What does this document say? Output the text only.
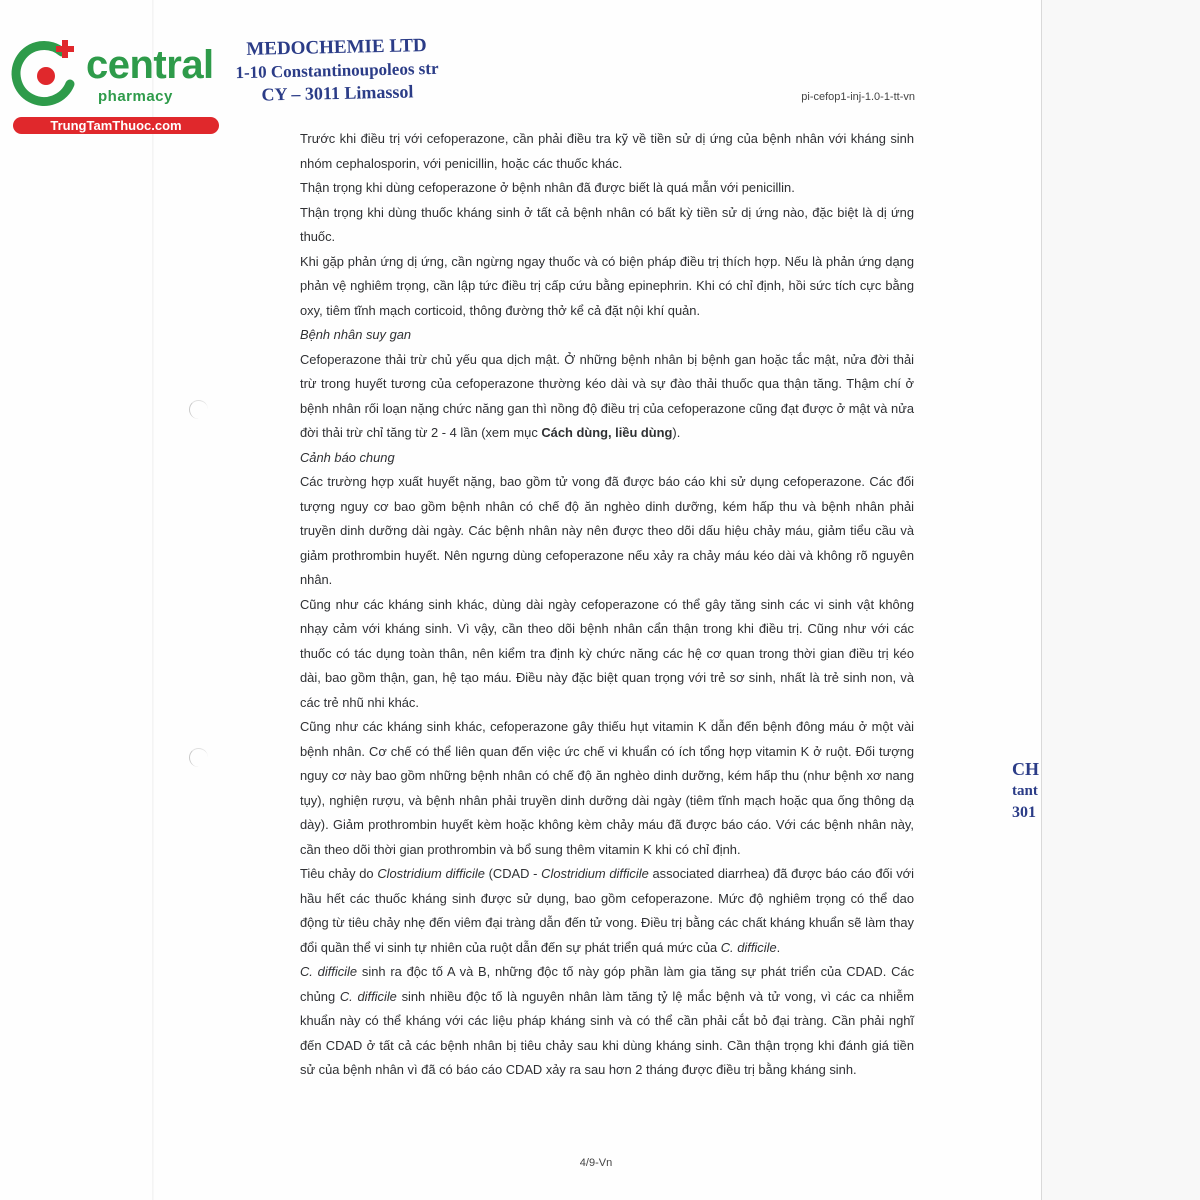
central
pharmacy
TrungTamThuoc.com
MEDOCHEMIE LTD
1-10 Constantinoupoleos str
CY – 3011 Limassol	pi-cefop1-inj-1.0-1-tt-vn
CH
tant
301

Trước khi điều trị với cefoperazone, cần phải điều tra kỹ về tiền sử dị ứng của bệnh nhân với kháng sinh nhóm cephalosporin, với penicillin, hoặc các thuốc khác.

Thận trọng khi dùng cefoperazone ở bệnh nhân đã được biết là quá mẫn với penicillin.

Thận trọng khi dùng thuốc kháng sinh ở tất cả bệnh nhân có bất kỳ tiền sử dị ứng nào, đặc biệt là dị ứng thuốc.

Khi gặp phản ứng dị ứng, cần ngừng ngay thuốc và có biện pháp điều trị thích hợp. Nếu là phản ứng dạng phản vệ nghiêm trọng, cần lập tức điều trị cấp cứu bằng epinephrin. Khi có chỉ định, hồi sức tích cực bằng oxy, tiêm tĩnh mạch corticoid, thông đường thở kể cả đặt nội khí quản.

Bệnh nhân suy gan

Cefoperazone thải trừ chủ yếu qua dịch mật. Ở những bệnh nhân bị bệnh gan hoặc tắc mật, nửa đời thải trừ trong huyết tương của cefoperazone thường kéo dài và sự đào thải thuốc qua thận tăng. Thậm chí ở bệnh nhân rối loạn nặng chức năng gan thì nồng độ điều trị của cefoperazone cũng đạt được ở mật và nửa đời thải trừ chỉ tăng từ 2 - 4 lần (xem mục Cách dùng, liều dùng).

Cảnh báo chung

Các trường hợp xuất huyết nặng, bao gồm tử vong đã được báo cáo khi sử dụng cefoperazone. Các đối tượng nguy cơ bao gồm bệnh nhân có chế độ ăn nghèo dinh dưỡng, kém hấp thu và bệnh nhân phải truyền dinh dưỡng dài ngày. Các bệnh nhân này nên được theo dõi dấu hiệu chảy máu, giảm tiểu cầu và giảm prothrombin huyết. Nên ngưng dùng cefoperazone nếu xảy ra chảy máu kéo dài và không rõ nguyên nhân.

Cũng như các kháng sinh khác, dùng dài ngày cefoperazone có thể gây tăng sinh các vi sinh vật không nhạy cảm với kháng sinh. Vì vậy, cần theo dõi bệnh nhân cẩn thận trong khi điều trị. Cũng như với các thuốc có tác dụng toàn thân, nên kiểm tra định kỳ chức năng các hệ cơ quan trong thời gian điều trị kéo dài, bao gồm thận, gan, hệ tạo máu. Điều này đặc biệt quan trọng với trẻ sơ sinh, nhất là trẻ sinh non, và các trẻ nhũ nhi khác.

Cũng như các kháng sinh khác, cefoperazone gây thiếu hụt vitamin K dẫn đến bệnh đông máu ở một vài bệnh nhân. Cơ chế có thể liên quan đến việc ức chế vi khuẩn có ích tổng hợp vitamin K ở ruột. Đối tượng nguy cơ này bao gồm những bệnh nhân có chế độ ăn nghèo dinh dưỡng, kém hấp thu (như bệnh xơ nang tụy), nghiện rượu, và bệnh nhân phải truyền dinh dưỡng dài ngày (tiêm tĩnh mạch hoặc qua ống thông dạ dày). Giảm prothrombin huyết kèm hoặc không kèm chảy máu đã được báo cáo. Với các bệnh nhân này, cần theo dõi thời gian prothrombin và bổ sung thêm vitamin K khi có chỉ định.

Tiêu chảy do Clostridium difficile (CDAD - Clostridium difficile associated diarrhea) đã được báo cáo đối với hầu hết các thuốc kháng sinh được sử dụng, bao gồm cefoperazone. Mức độ nghiêm trọng có thể dao động từ tiêu chảy nhẹ đến viêm đại tràng dẫn đến tử vong. Điều trị bằng các chất kháng khuẩn sẽ làm thay đổi quần thể vi sinh tự nhiên của ruột dẫn đến sự phát triển quá mức của C. difficile.

C. difficile sinh ra độc tố A và B, những độc tố này góp phần làm gia tăng sự phát triển của CDAD. Các chủng C. difficile sinh nhiều độc tố là nguyên nhân làm tăng tỷ lệ mắc bệnh và tử vong, vì các ca nhiễm khuẩn này có thể kháng với các liệu pháp kháng sinh và có thể cần phải cắt bỏ đại tràng. Cần phải nghĩ đến CDAD ở tất cả các bệnh nhân bị tiêu chảy sau khi dùng kháng sinh. Cần thận trọng khi đánh giá tiền sử của bệnh nhân vì đã có báo cáo CDAD xảy ra sau hơn 2 tháng được điều trị bằng kháng sinh.

4/9-Vn
